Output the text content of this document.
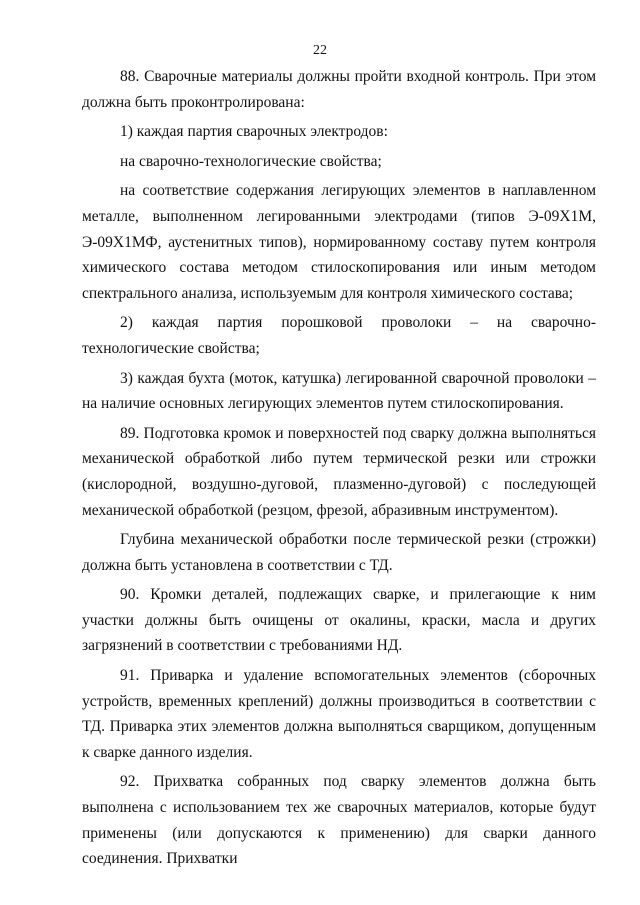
22

88. Сварочные материалы должны пройти входной контроль. При этом должна быть проконтролирована:

1) каждая партия сварочных электродов:

на сварочно-технологические свойства;

на соответствие содержания легирующих элементов в наплавленном металле, выполненном легированными электродами (типов Э-09Х1М, Э-09Х1МФ, аустенитных типов), нормированному составу путем контроля химического состава методом стилоскопирования или иным методом спектрального анализа, используемым для контроля химического состава;

2) каждая партия порошковой проволоки – на сварочно-технологические свойства;

3) каждая бухта (моток, катушка) легированной сварочной проволоки – на наличие основных легирующих элементов путем стилоскопирования.

89. Подготовка кромок и поверхностей под сварку должна выполняться механической обработкой либо путем термической резки или строжки (кислородной, воздушно-дуговой, плазменно-дуговой) с последующей механической обработкой (резцом, фрезой, абразивным инструментом).

Глубина механической обработки после термической резки (строжки) должна быть установлена в соответствии с ТД.

90. Кромки деталей, подлежащих сварке, и прилегающие к ним участки должны быть очищены от окалины, краски, масла и других загрязнений в соответствии с требованиями НД.

91. Приварка и удаление вспомогательных элементов (сборочных устройств, временных креплений) должны производиться в соответствии с ТД. Приварка этих элементов должна выполняться сварщиком, допущенным к сварке данного изделия.

92. Прихватка собранных под сварку элементов должна быть выполнена с использованием тех же сварочных материалов, которые будут применены (или допускаются к применению) для сварки данного соединения. Прихватки
